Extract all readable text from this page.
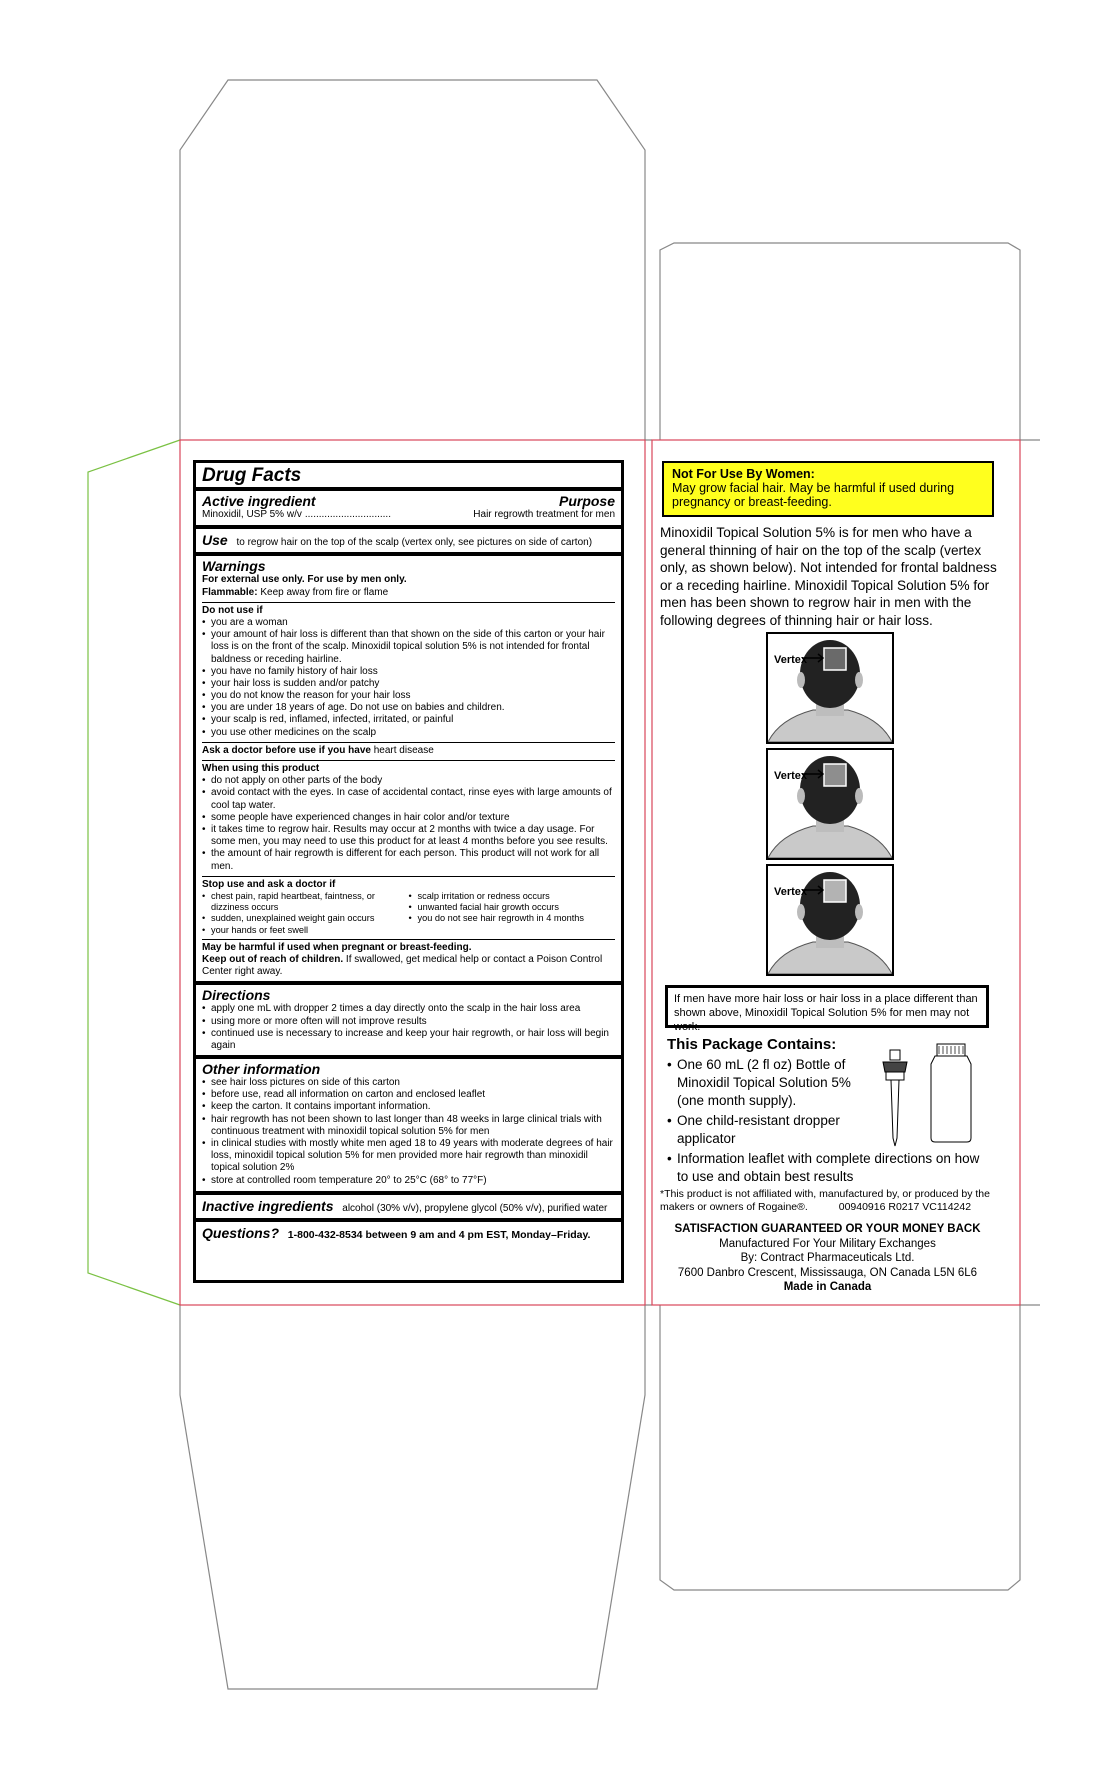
Drug Facts
Active ingredient	Purpose
Minoxidil, USP 5% w/v ...............................	Hair regrowth treatment for men
Use to regrow hair on the top of the scalp (vertex only, see pictures on side of carton)
Warnings
For external use only. For use by men only.
Flammable: Keep away from fire or flame
Do not use if
• you are a woman
• your amount of hair loss is different than that shown on the side of this carton or your hair loss is on the front of the scalp. Minoxidil topical solution 5% is not intended for frontal baldness or receding hairline.
• you have no family history of hair loss
• your hair loss is sudden and/or patchy
• you do not know the reason for your hair loss
• you are under 18 years of age. Do not use on babies and children.
• your scalp is red, inflamed, infected, irritated, or painful
• you use other medicines on the scalp
Ask a doctor before use if you have heart disease
When using this product
• do not apply on other parts of the body
• avoid contact with the eyes. In case of accidental contact, rinse eyes with large amounts of cool tap water.
• some people have experienced changes in hair color and/or texture
• it takes time to regrow hair. Results may occur at 2 months with twice a day usage. For some men, you may need to use this product for at least 4 months before you see results.
• the amount of hair regrowth is different for each person. This product will not work for all men.
Stop use and ask a doctor if
• chest pain, rapid heartbeat, faintness, or dizziness occurs
• sudden, unexplained weight gain occurs
• your hands or feet swell
• scalp irritation or redness occurs
• unwanted facial hair growth occurs
• you do not see hair regrowth in 4 months
May be harmful if used when pregnant or breast-feeding.
Keep out of reach of children. If swallowed, get medical help or contact a Poison Control Center right away.
Directions
• apply one mL with dropper 2 times a day directly onto the scalp in the hair loss area
• using more or more often will not improve results
• continued use is necessary to increase and keep your hair regrowth, or hair loss will begin again
Other information
• see hair loss pictures on side of this carton
• before use, read all information on carton and enclosed leaflet
• keep the carton. It contains important information.
• hair regrowth has not been shown to last longer than 48 weeks in large clinical trials with continuous treatment with minoxidil topical solution 5% for men
• in clinical studies with mostly white men aged 18 to 49 years with moderate degrees of hair loss, minoxidil topical solution 5% for men provided more hair regrowth than minoxidil topical solution 2%
• store at controlled room temperature 20° to 25°C (68° to 77°F)
Inactive ingredients alcohol (30% v/v), propylene glycol (50% v/v), purified water
Questions? 1-800-432-8534 between 9 am and 4 pm EST, Monday–Friday.
Not For Use By Women:
May grow facial hair. May be harmful if used during pregnancy or breast-feeding.
Minoxidil Topical Solution 5% is for men who have a general thinning of hair on the top of the scalp (vertex only, as shown below). Not intended for frontal baldness or a receding hairline. Minoxidil Topical Solution 5% for men has been shown to regrow hair in men with the following degrees of thinning hair or hair loss.
Vertex
Vertex
Vertex
If men have more hair loss or hair loss in a place different than shown above, Minoxidil Topical Solution 5% for men may not work.
This Package Contains:
• One 60 mL (2 fl oz) Bottle of Minoxidil Topical Solution 5% (one month supply).
• One child-resistant dropper applicator
• Information leaflet with complete directions on how to use and obtain best results
*This product is not affiliated with, manufactured by, or produced by the makers or owners of Rogaine®.	00940916 R0217 VC114242
SATISFACTION GUARANTEED OR YOUR MONEY BACK
Manufactured For Your Military Exchanges
By: Contract Pharmaceuticals Ltd.
7600 Danbro Crescent, Mississauga, ON Canada L5N 6L6
Made in Canada
